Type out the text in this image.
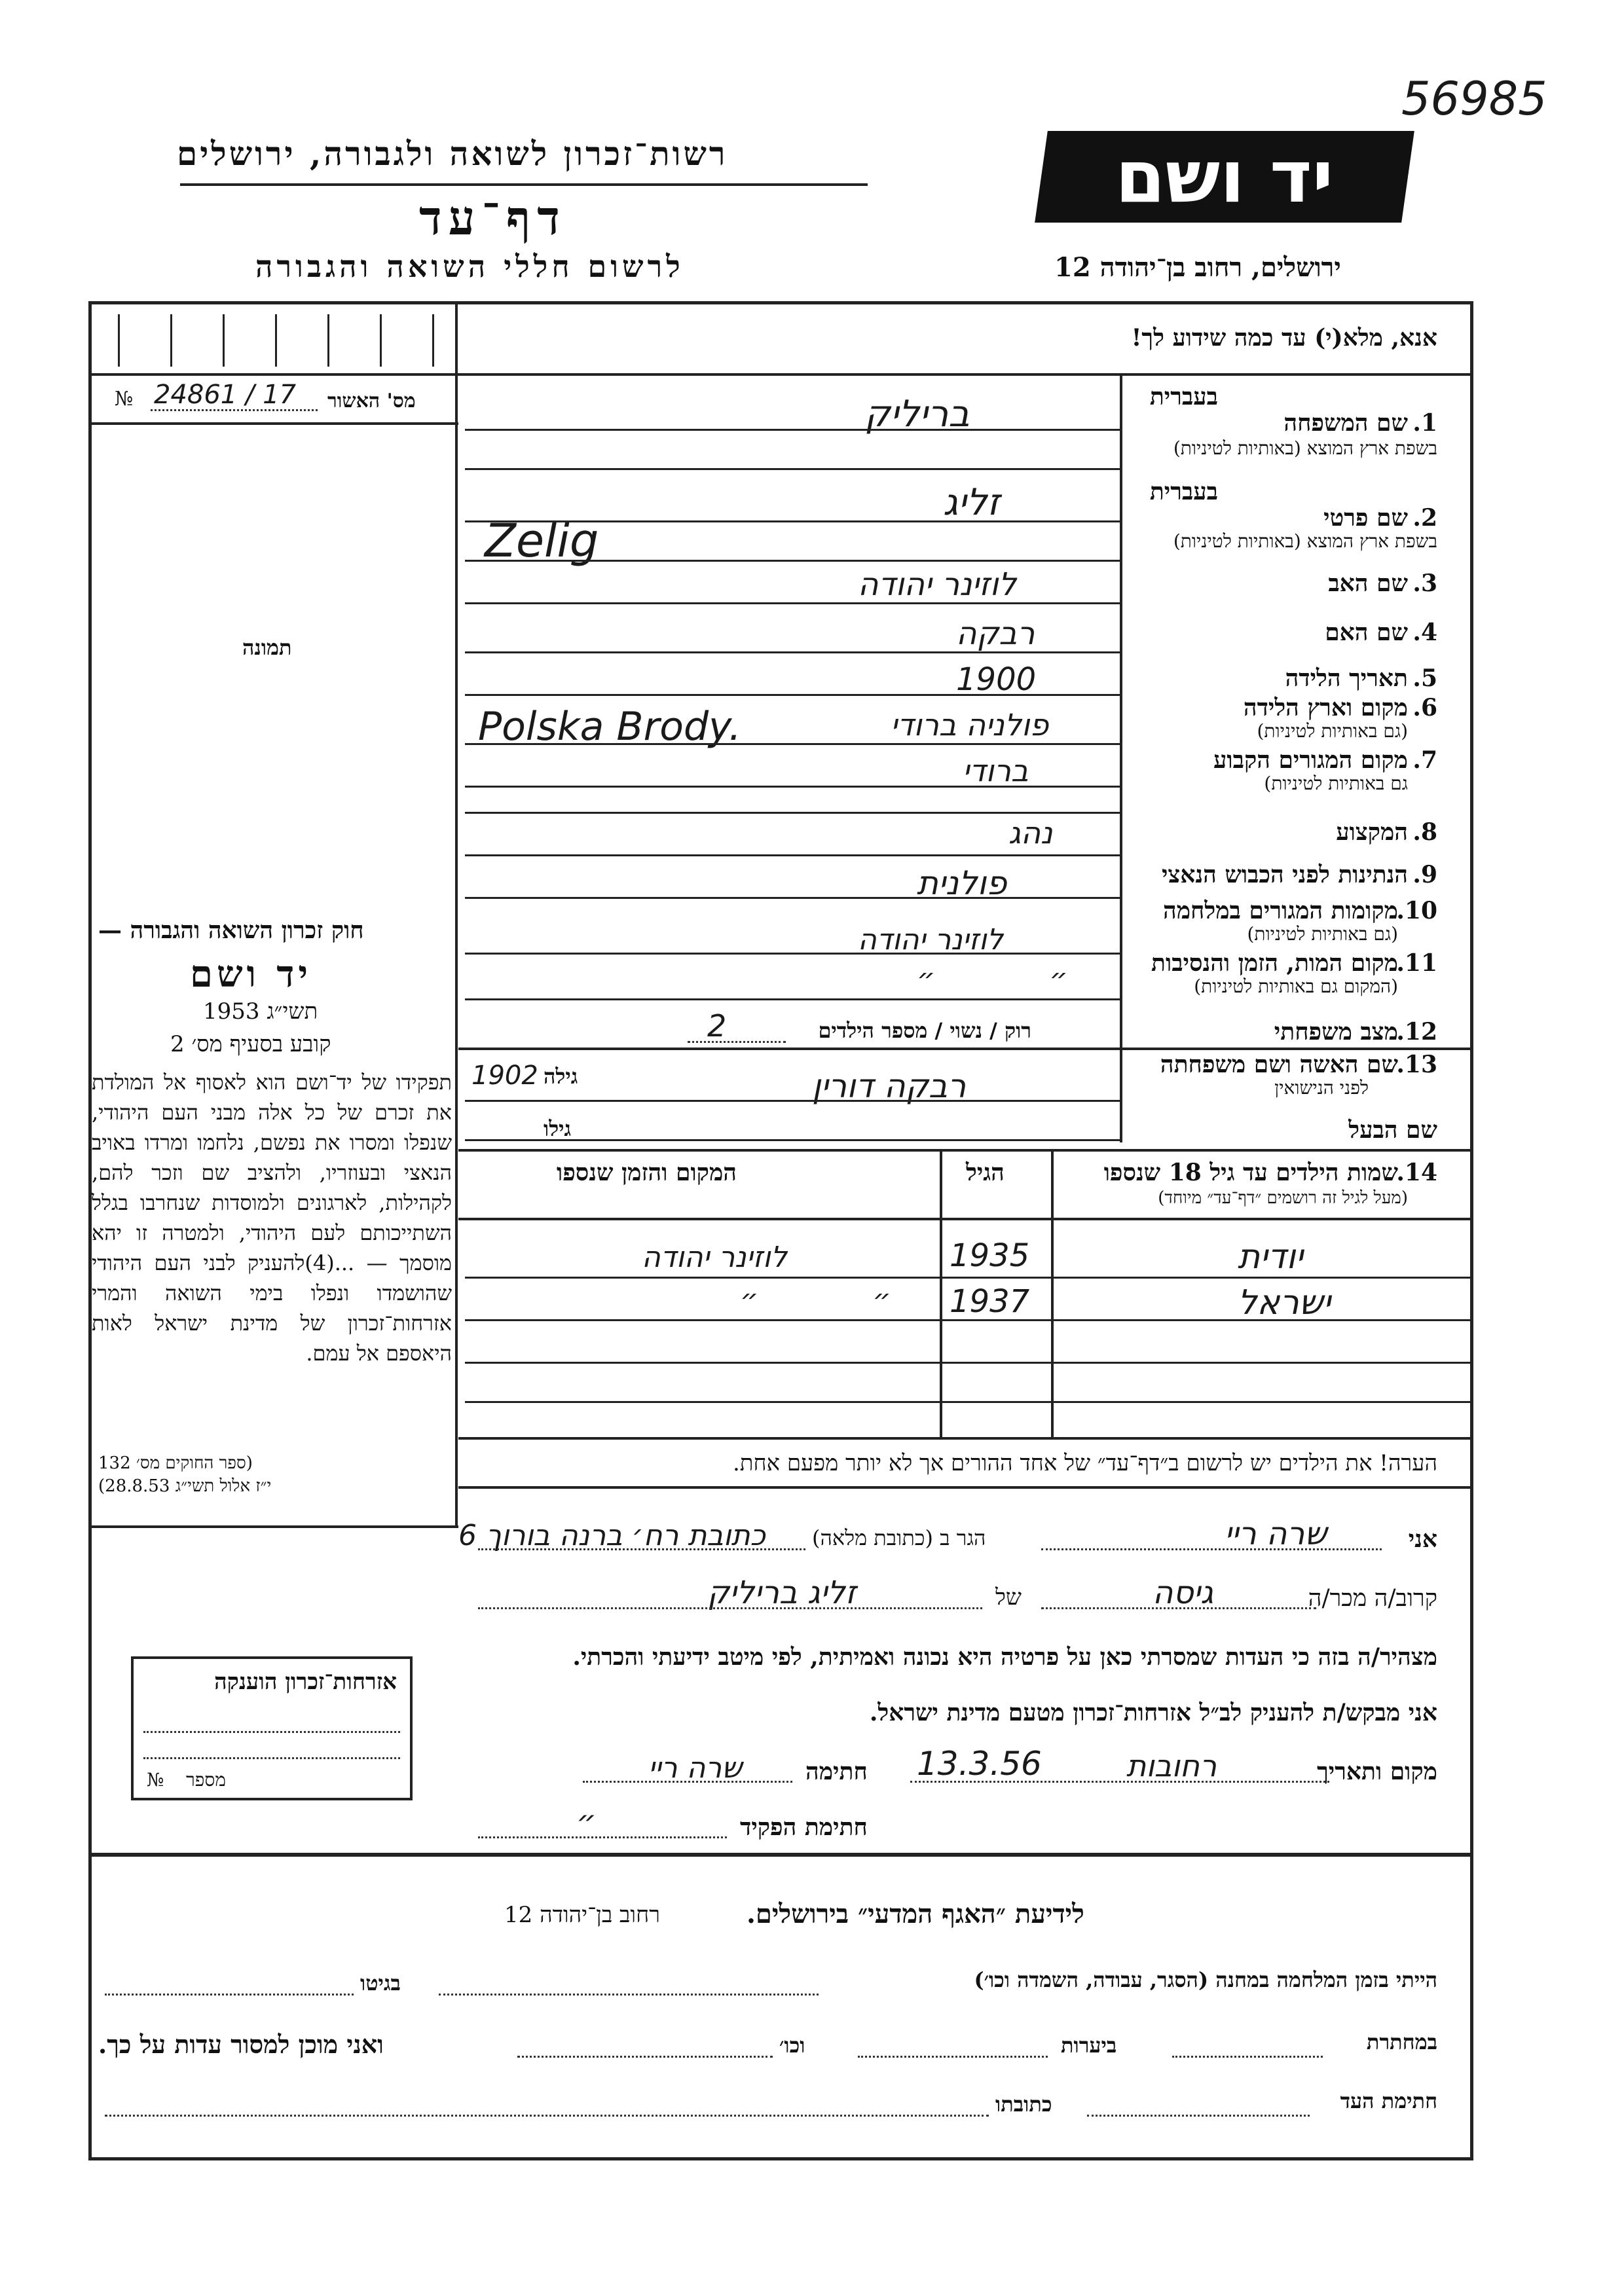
56985
יד ושם
ירושלים, רחוב בן־יהודה 12
רשות־זכרון לשואה ולגבורה, ירושלים
דף־עד
לרשום חללי השואה והגבורה
אנא, מלא(י) עד כמה שידוע לך!
מס' האשור
№ 24861 / 17
תמונה
1.
שם המשפחה
בעברית
בשפת ארץ המוצא (באותיות לטיניות)
בריליק
בעברית
2.
שם פרטי
בשפת ארץ המוצא (באותיות לטיניות)
זליג
Zelig
3.
שם האב
לוזינר יהודה
4.
שם האם
רבקה
5.
תאריך הלידה
1900
6.
מקום וארץ הלידה
(גם באותיות לטיניות)
Polska Brody.	פולניה ברודי
7.
מקום המגורים הקבוע
גם באותיות לטיניות)
ברודי
8.
המקצוע
נהג
9.
הנתינות לפני הכבוש הנאצי
פולנית
10.
מקומות המגורים במלחמה
(גם באותיות לטיניות)
לוזינר יהודה
11.
מקום המות, הזמן והנסיבות
(המקום גם באותיות לטיניות)
״ ״
12.
מצב משפחתי
רוק / נשוי / מספר הילדים
2
13.
שם האשה ושם משפחתה
לפני הנישואין
רבקה דורין
גילה
1902
שם הבעל
גילו
14.
שמות הילדים עד גיל 18 שנספו
(מעל לגיל זה רושמים ״דף־עד״ מיוחד)
הגיל
המקום והזמן שנספו
יודית
1935
לוזינר יהודה
ישראל
1937
״ ״
הערה! את הילדים יש לרשום ב״דף־עד״ של אחד ההורים אך לא יותר מפעם אחת.
חוק זכרון השואה והגבורה —
יד ושם
תשי״ג 1953
קובע בסעיף מס׳ 2
תפקידו של יד־ושם הוא לאסוף אל המולדת את זכרם של כל אלה מבני העם היהודי, שנפלו ומסרו את נפשם, נלחמו ומרדו באויב הנאצי ובעוזריו, ולהציב שם וזכר להם, לקהילות, לארגונים ולמוסדות שנחרבו בגלל השתייכותם לעם היהודי, ולמטרה זו יהא מוסמך — ...(4)להעניק לבני העם היהודי שהושמדו ונפלו בימי השואה והמרי אזרחות־זכרון של מדינת ישראל לאות היאספם אל עמם.
(ספר החוקים מס׳ 132
י״ז אלול תשי״ג 28.8.53)
אני
שרה ריי
הגר ב (כתובת מלאה)
כתובת רח׳ ברנה בורוך 6
קרוב/ה מכר/ה
גיסה
של
זליג בריליק
מצהיר/ה בזה כי העדות שמסרתי כאן על פרטיה היא נכונה ואמיתית, לפי מיטב ידיעתי והכרתי.
אני מבקש/ת להעניק לב״ל אזרחות־זכרון מטעם מדינת ישראל.
מקום ותאריך
רחובות
13.3.56
חתימה
שרה ריי
חתימת הפקיד
״
אזרחות־זכרון הוענקה
מספר
№
לידיעת ״האגף המדעי״ בירושלים.
רחוב בן־יהודה 12
הייתי בזמן המלחמה במחנה (הסגר, עבודה, השמדה וכו׳)
בגיטו
במחתרת
ביערות
וכו׳
ואני מוכן למסור עדות על כך.
חתימת העד
כתובתו
